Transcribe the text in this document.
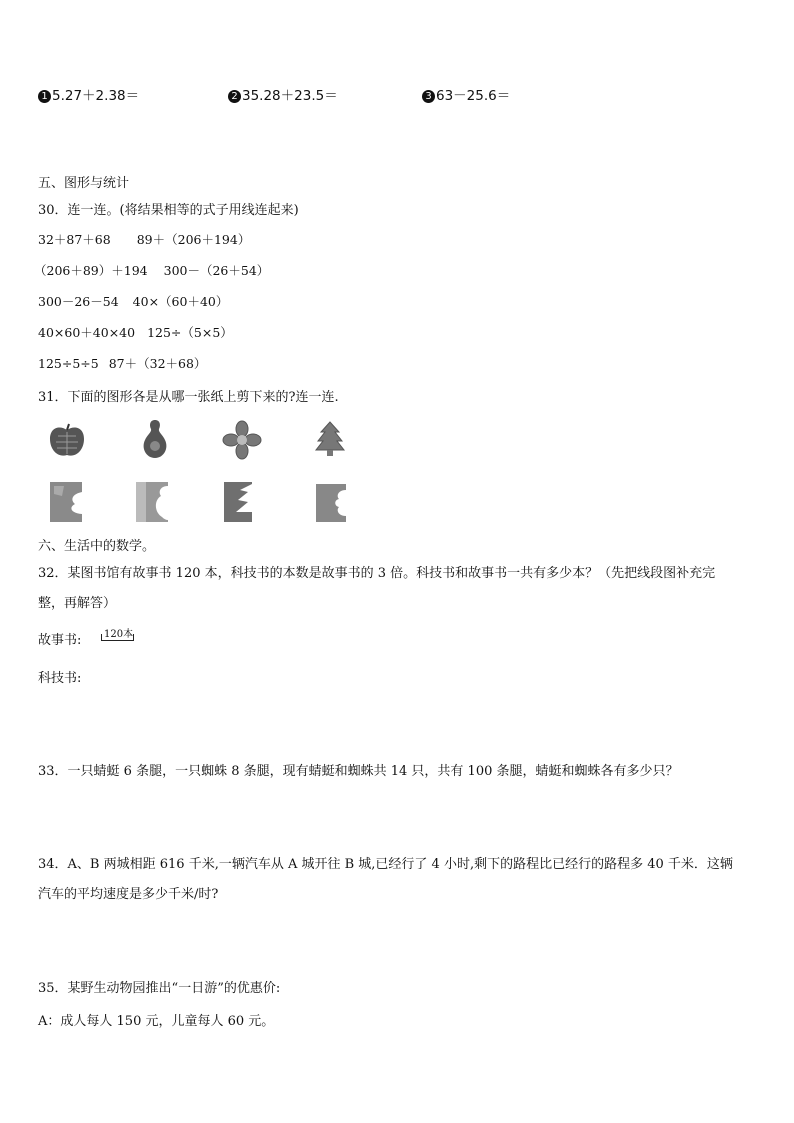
1 5.27＋2.38＝	2 35.28＋23.5＝	3 63－25.6＝
五、图形与统计
30．连一连。(将结果相等的式子用线连起来)
32＋87＋68 89＋（206＋194）
（206＋89）＋194 300－（26＋54）
300－26－54 40×（60＋40）
40×60＋40×40 125÷（5×5）
125÷5÷5 87＋（32＋68）
31．下面的图形各是从哪一张纸上剪下来的?连一连.
六、生活中的数学。
32．某图书馆有故事书 120 本，科技书的本数是故事书的 3 倍。科技书和故事书一共有多少本？（先把线段图补充完
整，再解答）
故事书: 120本
科技书:
33．一只蜻蜓 6 条腿，一只蜘蛛 8 条腿，现有蜻蜓和蜘蛛共 14 只，共有 100 条腿，蜻蜓和蜘蛛各有多少只？
34．A、B 两城相距 616 千米,一辆汽车从 A 城开往 B 城,已经行了 4 小时,剩下的路程比已经行的路程多 40 千米．这辆
汽车的平均速度是多少千米/时?
35．某野生动物园推出“一日游”的优惠价:
A：成人每人 150 元，儿童每人 60 元。
